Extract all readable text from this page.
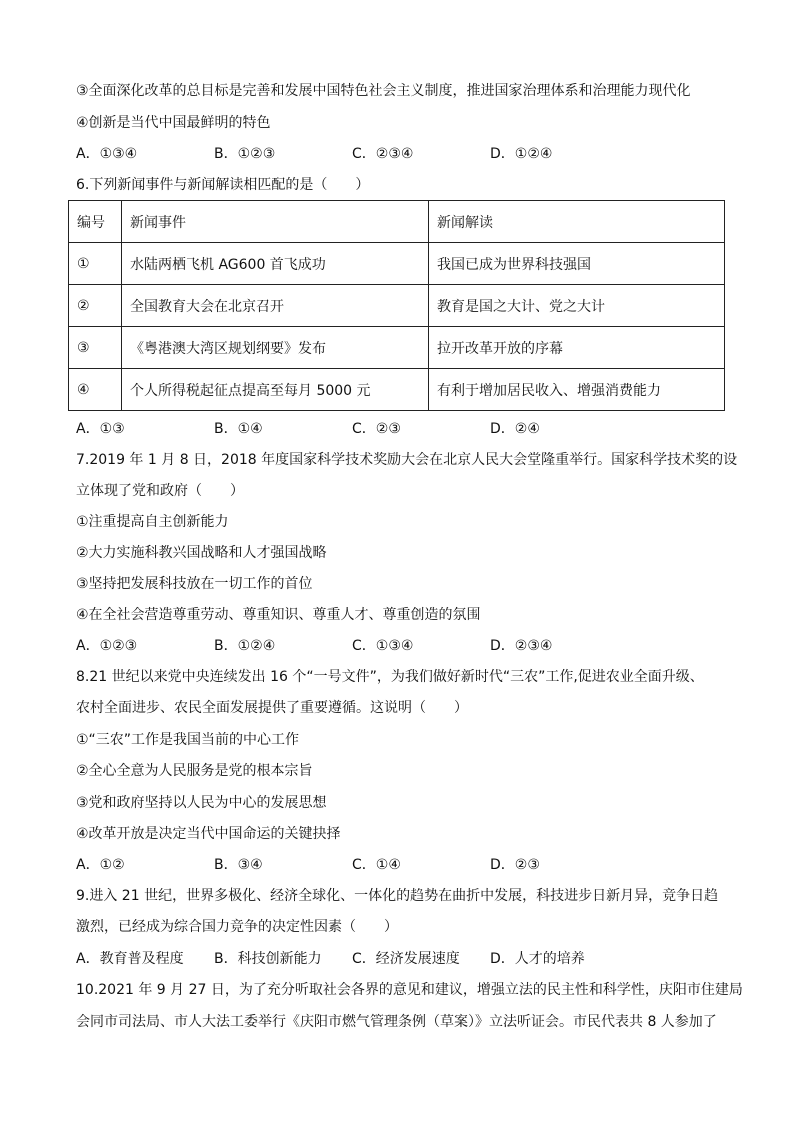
③全面深化改革的总目标是完善和发展中国特色社会主义制度，推进国家治理体系和治理能力现代化
④创新是当代中国最鲜明的特色
A．①③④	B．①②③	C．②③④	D．①②④
6.下列新闻事件与新闻解读相匹配的是（　　）
编号	新闻事件	新闻解读
①	水陆两栖飞机 AG600 首飞成功	我国已成为世界科技强国
②	全国教育大会在北京召开	教育是国之大计、党之大计
③	《粤港澳大湾区规划纲要》发布	拉开改革开放的序幕
④	个人所得税起征点提高至每月 5000 元	有利于增加居民收入、增强消费能力
A．①③	B．①④	C．②③	D．②④
7.2019 年 1 月 8 日，2018 年度国家科学技术奖励大会在北京人民大会堂隆重举行。国家科学技术奖的设
立体现了党和政府（　　）
①注重提高自主创新能力
②大力实施科教兴国战略和人才强国战略
③坚持把发展科技放在一切工作的首位
④在全社会营造尊重劳动、尊重知识、尊重人才、尊重创造的氛围
A．①②③	B．①②④	C．①③④	D．②③④
8.21 世纪以来党中央连续发出 16 个“一号文件”，为我们做好新时代“三农”工作,促进农业全面升级、
农村全面进步、农民全面发展提供了重要遵循。这说明（　　）
①“三农”工作是我国当前的中心工作
②全心全意为人民服务是党的根本宗旨
③党和政府坚持以人民为中心的发展思想
④改革开放是决定当代中国命运的关键抉择
A．①②	B．③④	C．①④	D．②③
9.进入 21 世纪，世界多极化、经济全球化、一体化的趋势在曲折中发展，科技进步日新月异，竞争日趋
激烈，已经成为综合国力竞争的决定性因素（　　）
A．教育普及程度 B．科技创新能力 C．经济发展速度 D．人才的培养
10.2021 年 9 月 27 日，为了充分听取社会各界的意见和建议，增强立法的民主性和科学性，庆阳市住建局
会同市司法局、市人大法工委举行《庆阳市燃气管理条例（草案）》立法听证会。市民代表共 8 人参加了
